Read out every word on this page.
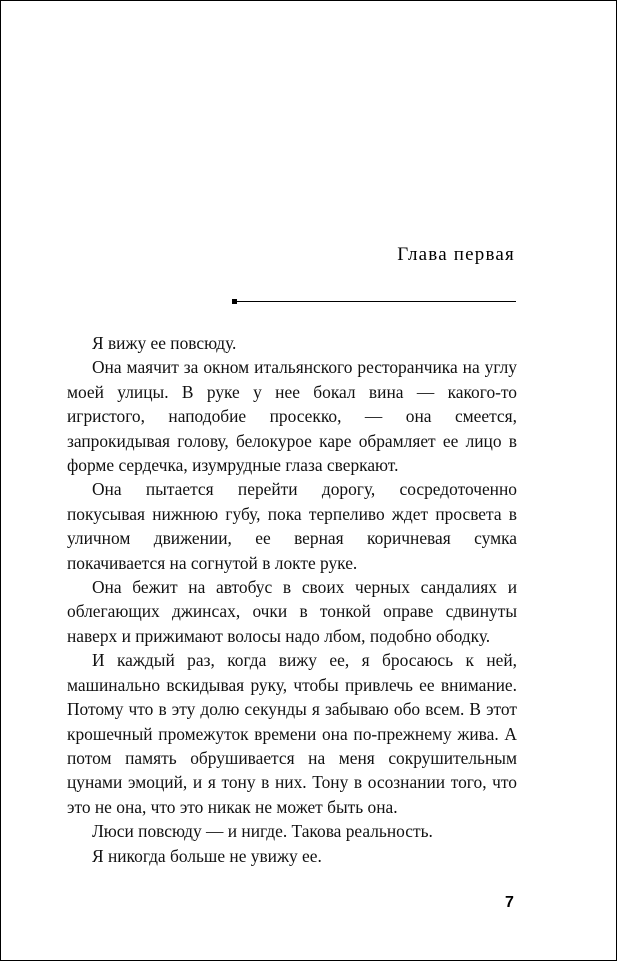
Глава первая

Я вижу ее повсюду.

Она маячит за окном итальянского ресторанчика на углу моей улицы. В руке у нее бокал вина — какого-то игристого, наподобие просекко, — она смеется, запрокидывая голову, белокурое каре обрамляет ее лицо в форме сердечка, изумрудные глаза сверкают.

Она пытается перейти дорогу, сосредоточенно покусывая нижнюю губу, пока терпеливо ждет просвета в уличном движении, ее верная коричневая сумка покачивается на согнутой в локте руке.

Она бежит на автобус в своих черных сандалиях и облегающих джинсах, очки в тонкой оправе сдвинуты наверх и прижимают волосы надо лбом, подобно ободку.

И каждый раз, когда вижу ее, я бросаюсь к ней, машинально вскидывая руку, чтобы привлечь ее внимание. Потому что в эту долю секунды я забываю обо всем. В этот крошечный промежуток времени она по-прежнему жива. А потом память обрушивается на меня сокрушительным цунами эмоций, и я тону в них. Тону в осознании того, что это не она, что это никак не может быть она.

Люси повсюду — и нигде. Такова реальность.

Я никогда больше не увижу ее.

7
